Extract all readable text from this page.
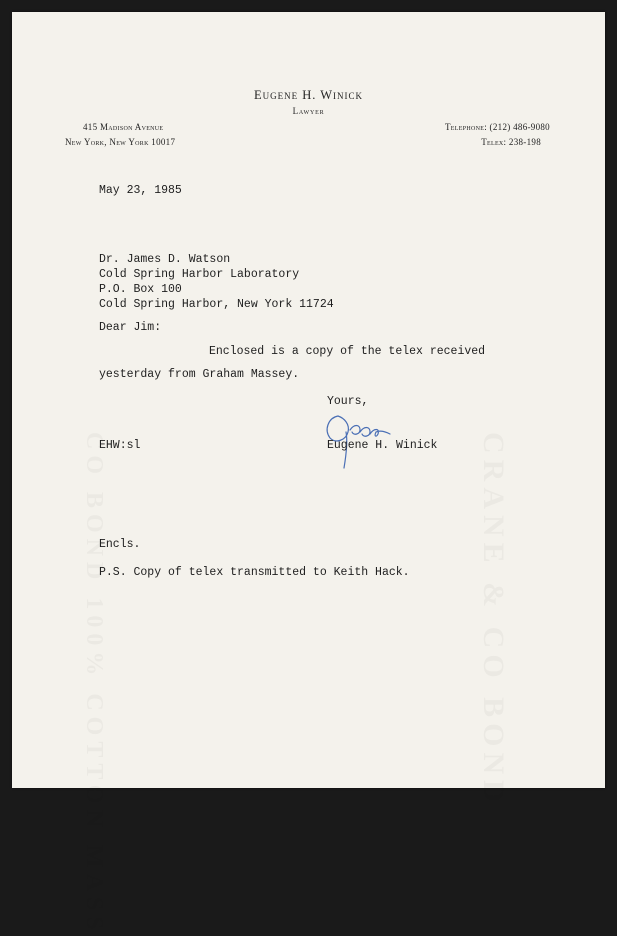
Eugene H. Winick
Lawyer
415 Madison Avenue
New York, New York 10017
Telephone: (212) 486-9080
Telex: 238-198
May 23, 1985
Dr. James D. Watson
Cold Spring Harbor Laboratory
P.O. Box 100
Cold Spring Harbor, New York 11724
Dear Jim:
Enclosed is a copy of the telex received
yesterday from Graham Massey.
Yours,
EHW:sl	Eugene H. Winick
Encls.
P.S. Copy of telex transmitted to Keith Hack.
